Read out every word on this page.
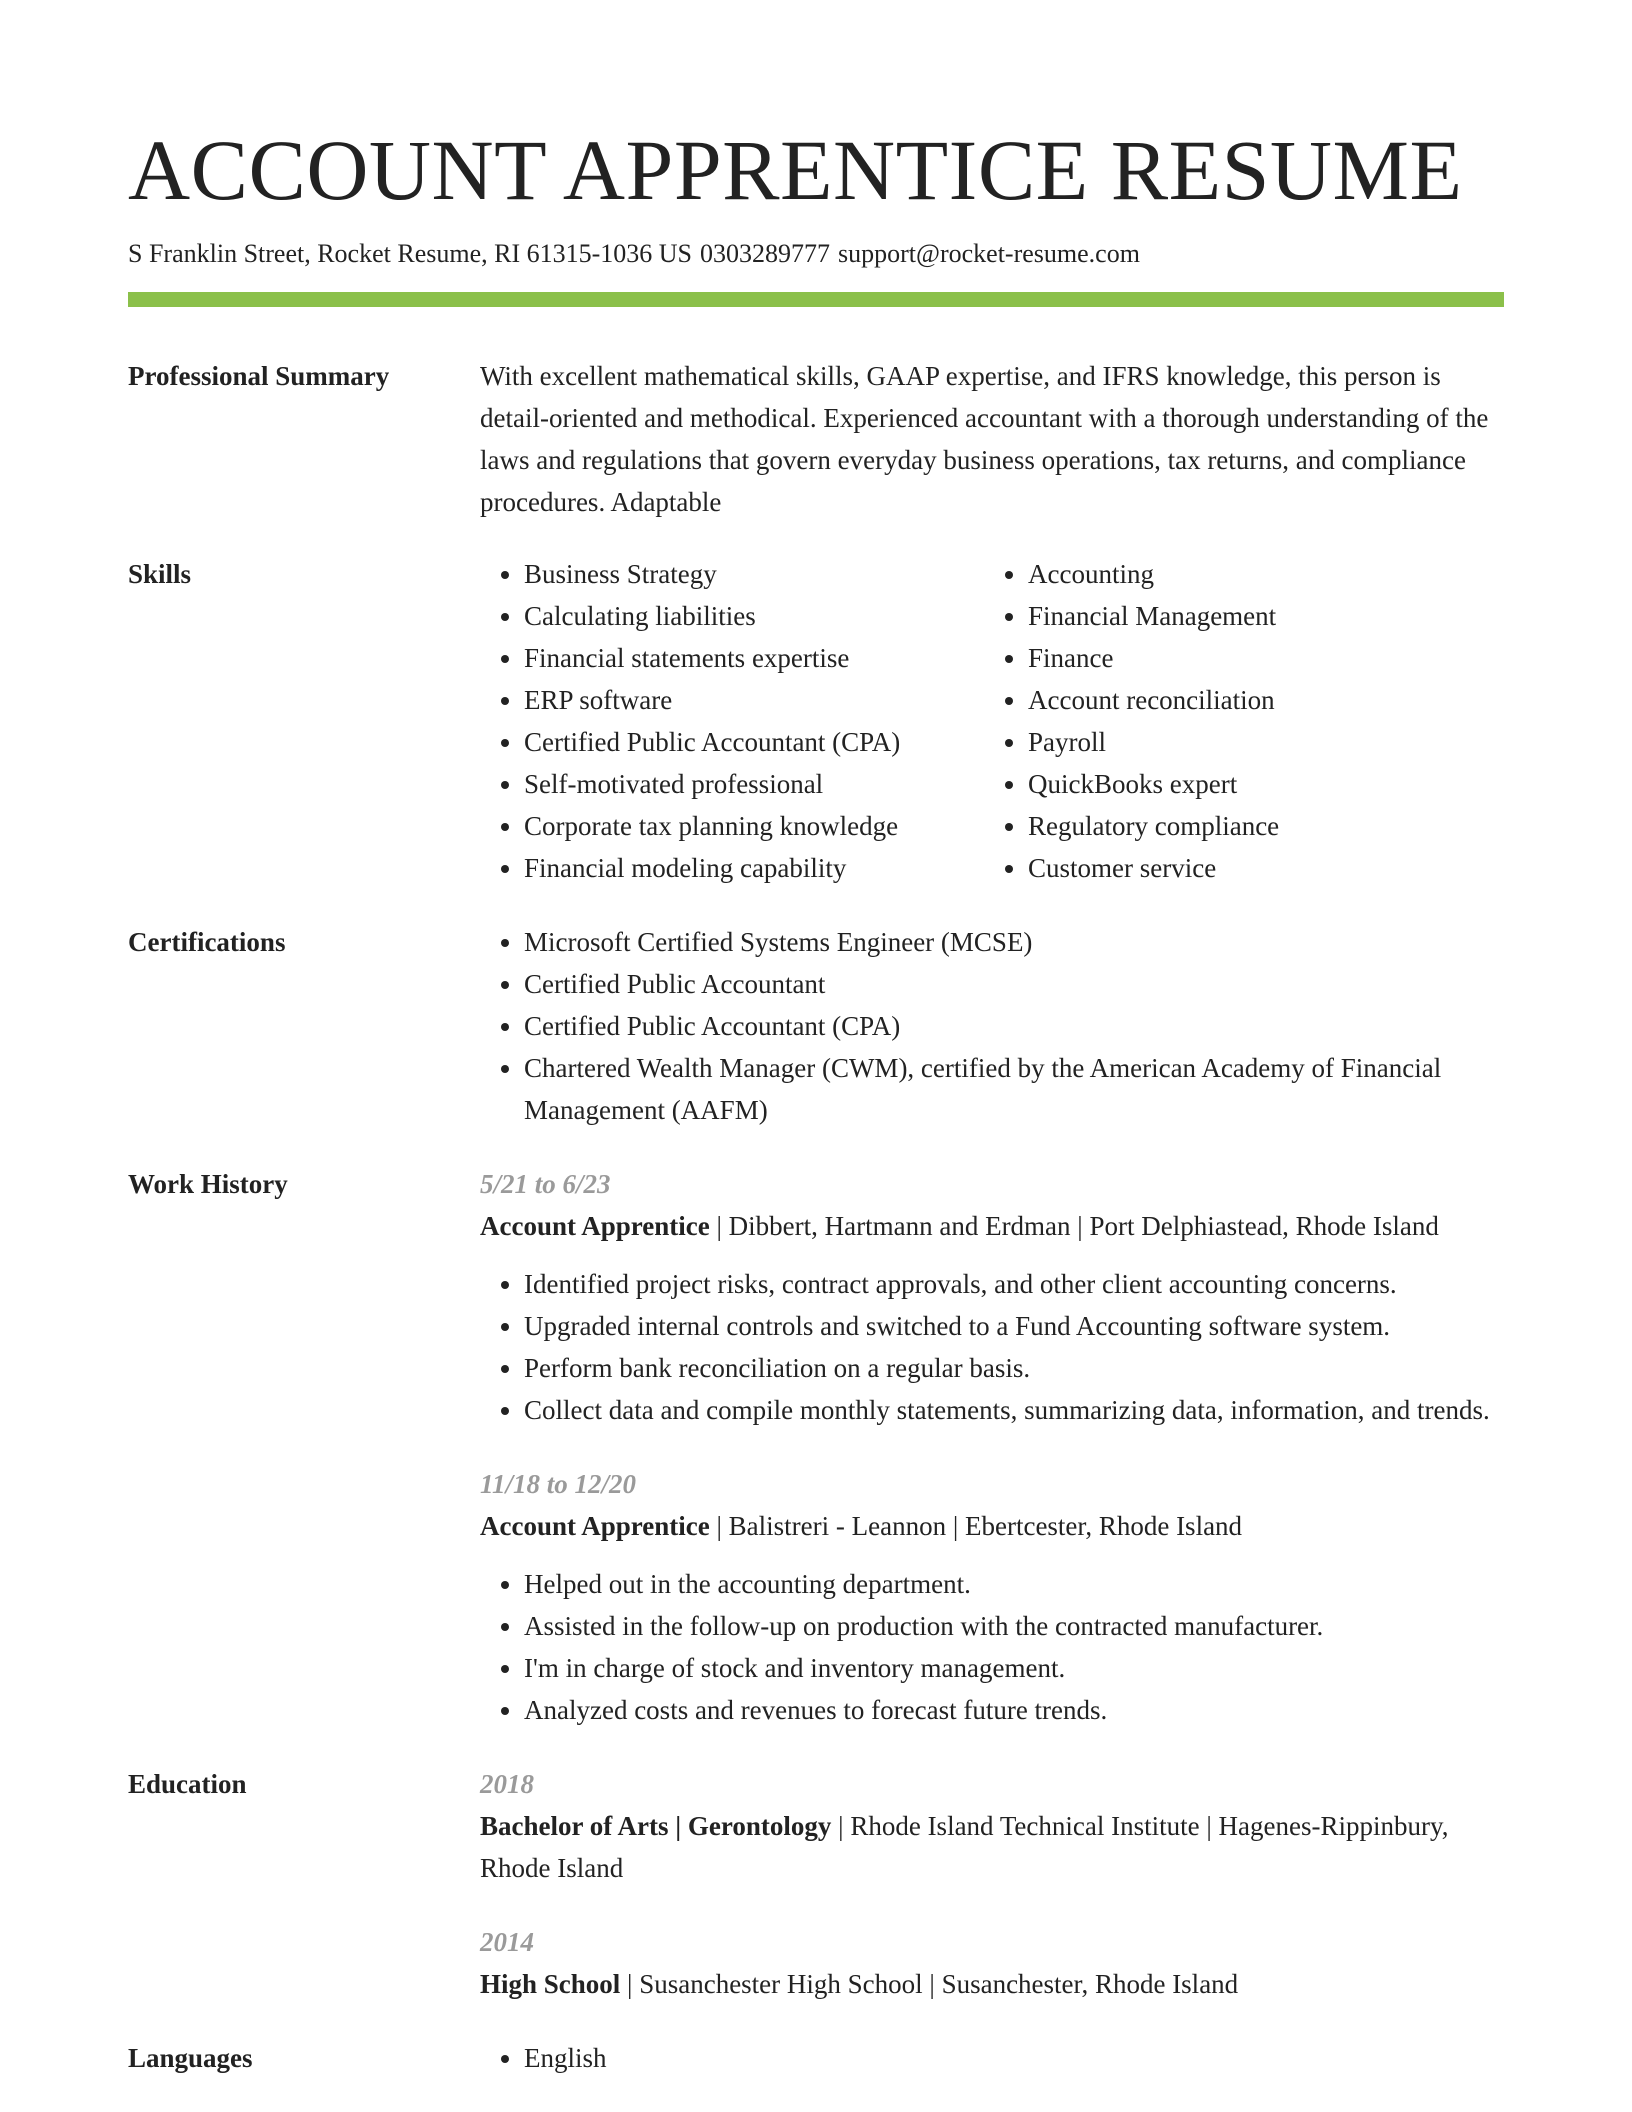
ACCOUNT APPRENTICE RESUME
S Franklin Street, Rocket Resume, RI 61315-1036 US 0303289777 support@rocket-resume.com
Professional Summary	With excellent mathematical skills, GAAP expertise, and IFRS knowledge, this person is detail-oriented and methodical. Experienced accountant with a thorough understanding of the laws and regulations that govern everyday business operations, tax returns, and compliance procedures. Adaptable

Skills	• Business Strategy
• Calculating liabilities
• Financial statements expertise
• ERP software
• Certified Public Accountant (CPA)
• Self-motivated professional
• Corporate tax planning knowledge
• Financial modeling capability
• Accounting
• Financial Management
• Finance
• Account reconciliation
• Payroll
• QuickBooks expert
• Regulatory compliance
• Customer service
Certifications	• Microsoft Certified Systems Engineer (MCSE)
• Certified Public Accountant
• Certified Public Accountant (CPA)
• Chartered Wealth Manager (CWM), certified by the American Academy of Financial Management (AAFM)
Work History	5/21 to 6/23
Account Apprentice | Dibbert, Hartmann and Erdman | Port Delphiastead, Rhode Island
• Identified project risks, contract approvals, and other client accounting concerns.
• Upgraded internal controls and switched to a Fund Accounting software system.
• Perform bank reconciliation on a regular basis.
• Collect data and compile monthly statements, summarizing data, information, and trends.
11/18 to 12/20
Account Apprentice | Balistreri - Leannon | Ebertcester, Rhode Island
• Helped out in the accounting department.
• Assisted in the follow-up on production with the contracted manufacturer.
• I'm in charge of stock and inventory management.
• Analyzed costs and revenues to forecast future trends.
Education	2018
Bachelor of Arts | Gerontology | Rhode Island Technical Institute | Hagenes-Rippinbury, Rhode Island
2014
High School | Susanchester High School | Susanchester, Rhode Island
Languages	• English
